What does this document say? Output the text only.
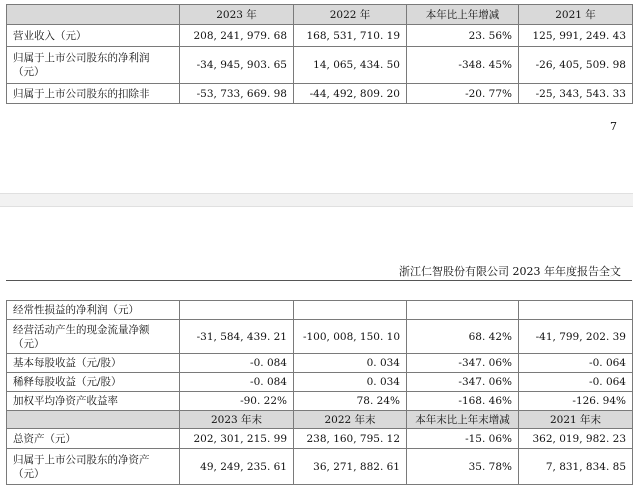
	2023 年	2022 年	本年比上年增减	2021 年
营业收入（元）	208, 241, 979. 68	168, 531, 710. 19	23. 56%	125, 991, 249. 43
归属于上市公司股东的净利润（元）	-34, 945, 903. 65	14, 065, 434. 50	-348. 45%	-26, 405, 509. 98
归属于上市公司股东的扣除非	-53, 733, 669. 98	-44, 492, 809. 20	-20. 77%	-25, 343, 543. 33
7
浙江仁智股份有限公司 2023 年年度报告全文
经常性损益的净利润（元）				
经营活动产生的现金流量净额（元）	-31, 584, 439. 21	-100, 008, 150. 10	68. 42%	-41, 799, 202. 39
基本每股收益（元/股）	-0. 084	0. 034	-347. 06%	-0. 064
稀释每股收益（元/股）	-0. 084	0. 034	-347. 06%	-0. 064
加权平均净资产收益率	-90. 22%	78. 24%	-168. 46%	-126. 94%
	2023 年末	2022 年末	本年末比上年末增减	2021 年末
总资产（元）	202, 301, 215. 99	238, 160, 795. 12	-15. 06%	362, 019, 982. 23
归属于上市公司股东的净资产（元）	49, 249, 235. 61	36, 271, 882. 61	35. 78%	7, 831, 834. 85
